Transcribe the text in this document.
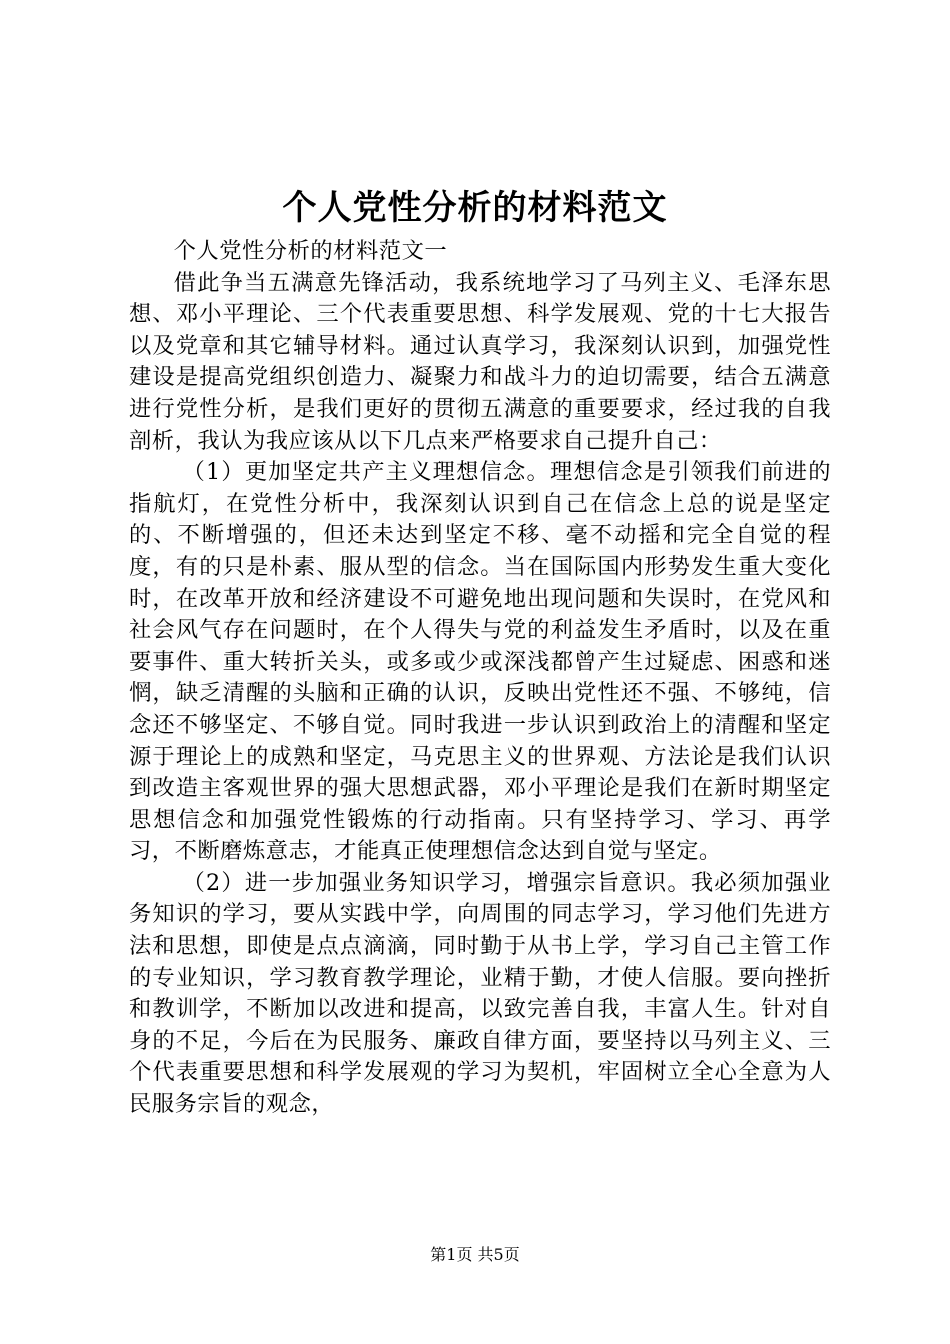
个人党性分析的材料范文

个人党性分析的材料范文一

借此争当五满意先锋活动，我系统地学习了马列主义、毛泽东思想、邓小平理论、三个代表重要思想、科学发展观、党的十七大报告以及党章和其它辅导材料。通过认真学习，我深刻认识到，加强党性建设是提高党组织创造力、凝聚力和战斗力的迫切需要，结合五满意进行党性分析，是我们更好的贯彻五满意的重要要求，经过我的自我剖析，我认为我应该从以下几点来严格要求自己提升自己：

（1）更加坚定共产主义理想信念。理想信念是引领我们前进的指航灯，在党性分析中，我深刻认识到自己在信念上总的说是坚定的、不断增强的，但还未达到坚定不移、毫不动摇和完全自觉的程度，有的只是朴素、服从型的信念。当在国际国内形势发生重大变化时，在改革开放和经济建设不可避免地出现问题和失误时，在党风和社会风气存在问题时，在个人得失与党的利益发生矛盾时，以及在重要事件、重大转折关头，或多或少或深浅都曾产生过疑虑、困惑和迷惘，缺乏清醒的头脑和正确的认识，反映出党性还不强、不够纯，信念还不够坚定、不够自觉。同时我进一步认识到政治上的清醒和坚定源于理论上的成熟和坚定，马克思主义的世界观、方法论是我们认识到改造主客观世界的强大思想武器，邓小平理论是我们在新时期坚定思想信念和加强党性锻炼的行动指南。只有坚持学习、学习、再学习，不断磨炼意志，才能真正使理想信念达到自觉与坚定。

（2）进一步加强业务知识学习，增强宗旨意识。我必须加强业务知识的学习，要从实践中学，向周围的同志学习，学习他们先进方法和思想，即使是点点滴滴，同时勤于从书上学，学习自己主管工作的专业知识，学习教育教学理论，业精于勤，才使人信服。要向挫折和教训学，不断加以改进和提高，以致完善自我，丰富人生。针对自身的不足，今后在为民服务、廉政自律方面，要坚持以马列主义、三个代表重要思想和科学发展观的学习为契机，牢固树立全心全意为人民服务宗旨的观念，

第1页 共5页
